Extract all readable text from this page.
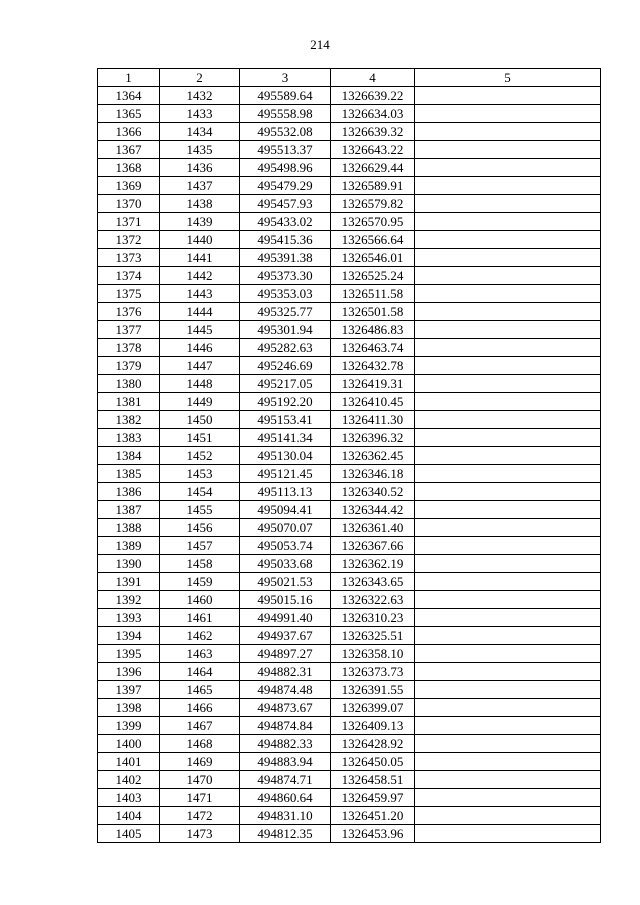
214
1	2	3	4	5
1364	1432	495589.64	1326639.22	
1365	1433	495558.98	1326634.03	
1366	1434	495532.08	1326639.32	
1367	1435	495513.37	1326643.22	
1368	1436	495498.96	1326629.44	
1369	1437	495479.29	1326589.91	
1370	1438	495457.93	1326579.82	
1371	1439	495433.02	1326570.95	
1372	1440	495415.36	1326566.64	
1373	1441	495391.38	1326546.01	
1374	1442	495373.30	1326525.24	
1375	1443	495353.03	1326511.58	
1376	1444	495325.77	1326501.58	
1377	1445	495301.94	1326486.83	
1378	1446	495282.63	1326463.74	
1379	1447	495246.69	1326432.78	
1380	1448	495217.05	1326419.31	
1381	1449	495192.20	1326410.45	
1382	1450	495153.41	1326411.30	
1383	1451	495141.34	1326396.32	
1384	1452	495130.04	1326362.45	
1385	1453	495121.45	1326346.18	
1386	1454	495113.13	1326340.52	
1387	1455	495094.41	1326344.42	
1388	1456	495070.07	1326361.40	
1389	1457	495053.74	1326367.66	
1390	1458	495033.68	1326362.19	
1391	1459	495021.53	1326343.65	
1392	1460	495015.16	1326322.63	
1393	1461	494991.40	1326310.23	
1394	1462	494937.67	1326325.51	
1395	1463	494897.27	1326358.10	
1396	1464	494882.31	1326373.73	
1397	1465	494874.48	1326391.55	
1398	1466	494873.67	1326399.07	
1399	1467	494874.84	1326409.13	
1400	1468	494882.33	1326428.92	
1401	1469	494883.94	1326450.05	
1402	1470	494874.71	1326458.51	
1403	1471	494860.64	1326459.97	
1404	1472	494831.10	1326451.20	
1405	1473	494812.35	1326453.96	
